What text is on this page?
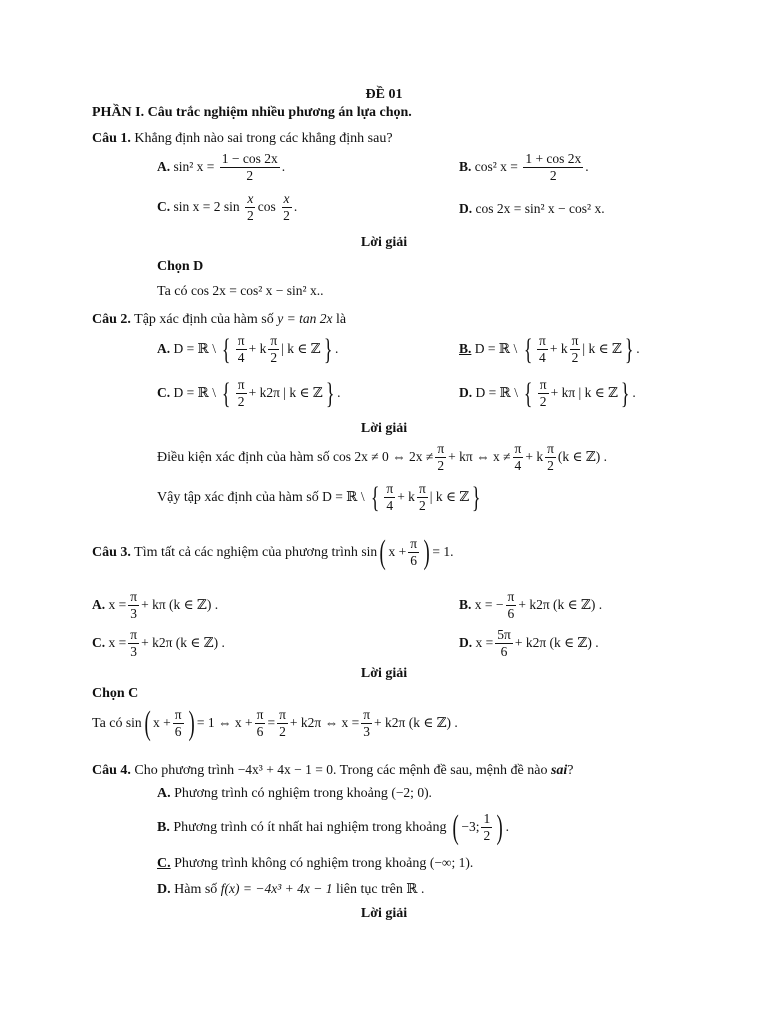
ĐỀ 01
PHẦN I. Câu trắc nghiệm nhiều phương án lựa chọn.
Câu 1. Khẳng định nào sai trong các khẳng định sau?
A. sin² $x = \frac{1 - \cos 2x}{2}$ .	B. cos² $x = \frac{1 + \cos 2x}{2}$ .
C. sin x = 2 $\sin \frac{x}{2}$ $\cos \frac{x}{2}$ .	D. cos 2x = sin² x − cos² x.
Lời giải
Chọn D
Ta có cos 2x = cos² x − sin² x..
Câu 2. Tập xác định của hàm số y = tan 2x là
A. D = ℝ \ { $\frac{\pi}{4} + k \frac{\pi}{2}$ | k ∈ ℤ} .	B. D = ℝ \ { $\frac{\pi}{4} + k \frac{\pi}{2}$ | k ∈ ℤ} .
C. D = ℝ \ { $\frac{\pi}{2} + k2\pi$ | k ∈ ℤ} .	D. D = ℝ \ { $\frac{\pi}{2} + k\pi$ | k ∈ ℤ} .
Lời giải
Điều kiện xác định của hàm số cos 2x ≠ 0 ⇔ $2x \ne \frac{\pi}{2} + k\pi$ ⇔ $x \ne \frac{\pi}{4} + k \frac{\pi}{2} (k$ ∈ ℤ) .
Vậy tập xác định của hàm số D = ℝ \ { $\frac{\pi}{4} + k \frac{\pi}{2}$ | k ∈ ℤ}
Câu 3. Tìm tất cả các nghiệm của phương trình sin( $x + \frac{\pi}{6}$ ) = 1.
A. $x = \frac{\pi}{3} + k\pi$ (k ∈ ℤ) .	B. x = − $\frac{\pi}{6} + k2\pi$ (k ∈ ℤ) .
C. $x = \frac{\pi}{3} + k2\pi$ (k ∈ ℤ) .	D. $x = \frac{5\pi}{6} + k2\pi$ (k ∈ ℤ) .
Lời giải
Chọn C
Ta có sin( $x + \frac{\pi}{6}$ ) = 1 ⇔ $x + \frac{\pi}{6} = \frac{\pi}{2} + k2\pi$ ⇔ $x = \frac{\pi}{3} + k2\pi$ (k ∈ ℤ) .
Câu 4. Cho phương trình −4x³ + 4x − 1 = 0. Trong các mệnh đề sau, mệnh đề nào sai?
A. Phương trình có nghiệm trong khoảng (−2; 0).
B. Phương trình có ít nhất hai nghiệm trong khoảng ( −3; $\frac{1}{2}$ ) .
C. Phương trình không có nghiệm trong khoảng (−∞; 1).
D. Hàm số f(x) = −4x³ + 4x − 1 liên tục trên ℝ .
Lời giải
